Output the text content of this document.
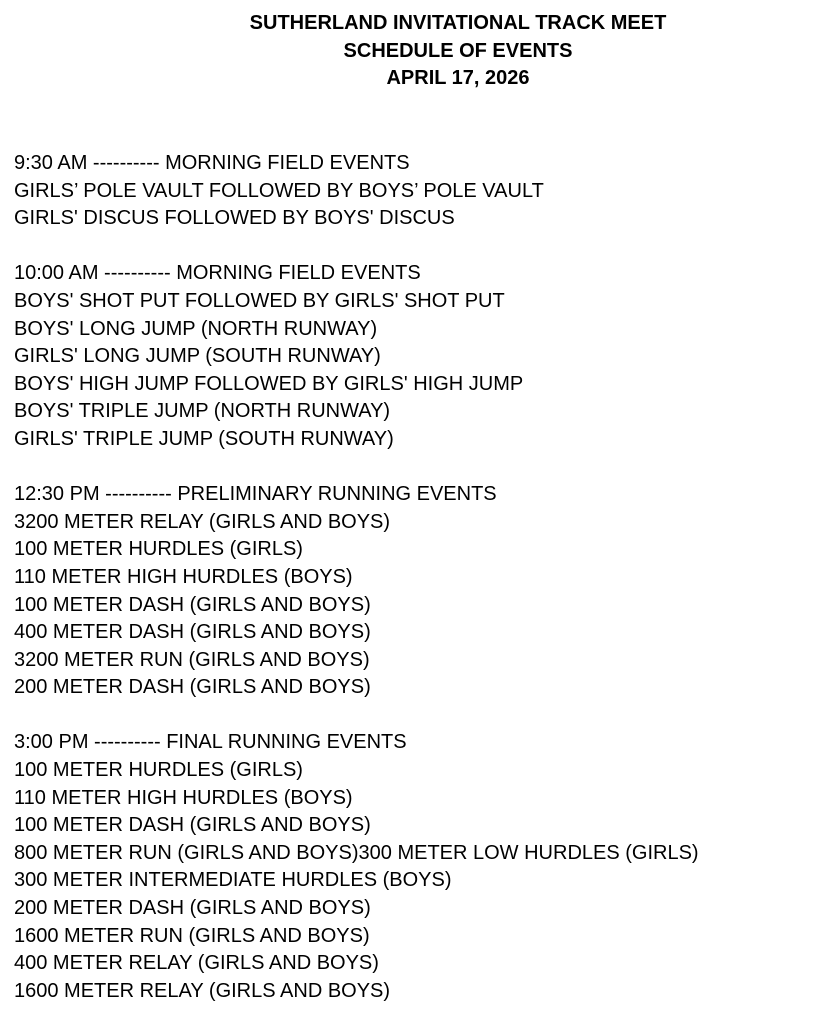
SUTHERLAND INVITATIONAL TRACK MEET
SCHEDULE OF EVENTS
APRIL 17, 2026
9:30 AM ---------- MORNING FIELD EVENTS
GIRLS’ POLE VAULT FOLLOWED BY BOYS’ POLE VAULT
GIRLS' DISCUS FOLLOWED BY BOYS' DISCUS
10:00 AM ---------- MORNING FIELD EVENTS
BOYS' SHOT PUT FOLLOWED BY GIRLS' SHOT PUT
BOYS' LONG JUMP (NORTH RUNWAY)
GIRLS' LONG JUMP (SOUTH RUNWAY)
BOYS' HIGH JUMP FOLLOWED BY GIRLS' HIGH JUMP
BOYS' TRIPLE JUMP (NORTH RUNWAY)
GIRLS' TRIPLE JUMP (SOUTH RUNWAY)
12:30 PM ---------- PRELIMINARY RUNNING EVENTS
3200 METER RELAY (GIRLS AND BOYS)
100 METER HURDLES (GIRLS)
110 METER HIGH HURDLES (BOYS)
100 METER DASH (GIRLS AND BOYS)
400 METER DASH (GIRLS AND BOYS)
3200 METER RUN (GIRLS AND BOYS)
200 METER DASH (GIRLS AND BOYS)
3:00 PM ---------- FINAL RUNNING EVENTS
100 METER HURDLES (GIRLS)
110 METER HIGH HURDLES (BOYS)
100 METER DASH (GIRLS AND BOYS)
800 METER RUN (GIRLS AND BOYS)300 METER LOW HURDLES (GIRLS)
300 METER INTERMEDIATE HURDLES (BOYS)
200 METER DASH (GIRLS AND BOYS)
1600 METER RUN (GIRLS AND BOYS)
400 METER RELAY (GIRLS AND BOYS)
1600 METER RELAY (GIRLS AND BOYS)
